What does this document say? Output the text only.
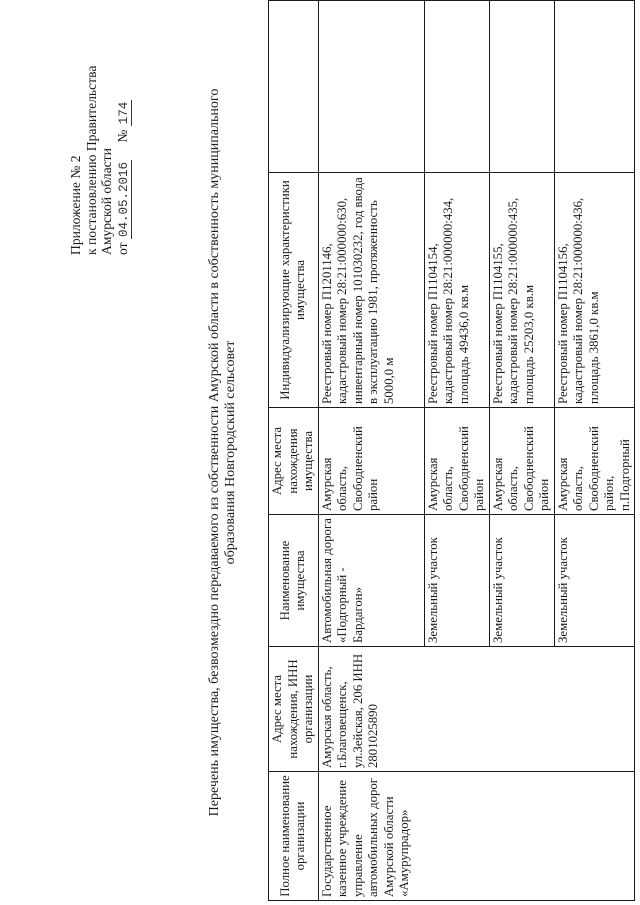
Приложение № 2 к постановлению Правительства Амурской области от 04.05.2016 № 174	Перечень имущества, безвозмездно передаваемого из собственности Амурской области в собственность муниципального образования Новгородский сельсовет
Полное наименование организации	Адрес места нахождения, ИНН организации	Наименование имущества	Адрес места нахождения имущества	Индивидуализирующие характеристики имущества	
Государственное казенное учреждение управление автомобильных дорог Амурской области «Амурупрадор»	Амурская область, г.Благовещенск, ул.Зейская, 206 ИНН 2801025890	Автомобильная дорога «Подгорный - Бардагон»	Амурская область, Свободненский район	Реестровый номер П1201146, кадастровый номер 28:21:000000:630, инвентарный номер 101030232, год ввода в эксплуатацию 1981, протяженность 5000,0 м	
		Земельный участок	Амурская область, Свободненский район	Реестровый номер П1104154, кадастровый номер 28:21:000000:434, площадь 49436,0 кв.м	
		Земельный участок	Амурская область, Свободненский район	Реестровый номер П1104155, кадастровый номер 28:21:000000:435, площадь 25203,0 кв.м	
		Земельный участок	Амурская область, Свободненский район, п.Подгорный	Реестровый номер П1104156, кадастровый номер 28:21:000000:436, площадь 3861,0 кв.м	
